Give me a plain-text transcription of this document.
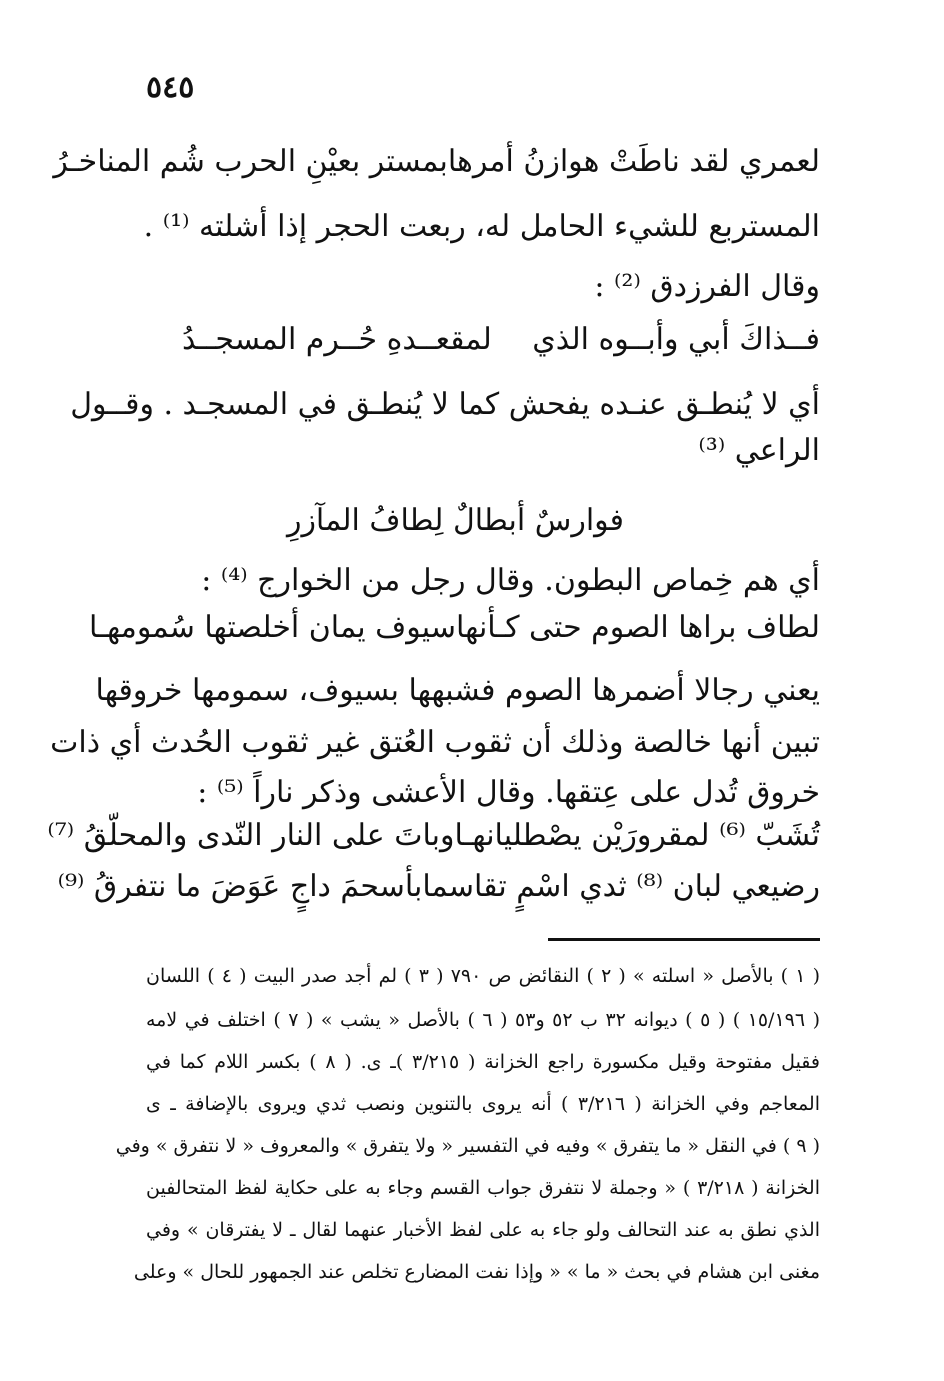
٥٤٥
لعمري لقد ناطَتْ هوازنُ أمرها
بمستر بعيْنِ الحرب شُم المناخـرُ
المستربع للشيء الحامل له، ربعت الحجر إذا أشلته ⁽¹⁾ .
وقال الفرزدق ⁽²⁾ :
فــذاكَ أبي وأبــوه الذي
لمقعــدهِ حُــرم المسجــدُ
أي لا يُنطـق عنـده يفحش كما لا يُنطـق في المسجـد . وقــول
الراعي ⁽³⁾
فوارسٌ أبطالٌ لِطافُ المآزرِ
أي هم خِماص البطون. وقال رجل من الخوارج ⁽⁴⁾ :
لطاف براها الصوم حتى كـأنها
سيوف يمان أخلصتها سُمومهـا
يعني رجالا أضمرها الصوم فشبهها بسيوف، سمومها خروقها
تبين أنها خالصة وذلك أن ثقوب العُتق غير ثقوب الحُدث أي ذات
خروق تُدل على عِتقها. وقال الأعشى وذكر ناراً ⁽⁵⁾ :
تُشَبّ ⁽⁶⁾ لمقرورَيْن يصْطليانهـا
وباتَ على النار النّدى والمحلّقُ ⁽⁷⁾
رضيعي لبان ⁽⁸⁾ ثدي اسْمٍ تقاسما
بأسحمَ داجٍ عَوَضَ ما نتفرقُ ⁽⁹⁾
( ١ ) بالأصل « اسلته » ( ٢ ) النقائض ص ٧٩٠ ( ٣ ) لم أجد صدر البيت ( ٤ ) اللسان
( ١٥/١٩٦ ) ( ٥ ) ديوانه ٣٢ ب ٥٢ و٥٣ ( ٦ ) بالأصل « يشب » ( ٧ ) اختلف في لامه
فقيل مفتوحة وقيل مكسورة راجع الخزانة ( ٣/٢١٥ )ـ ى. ( ٨ ) بكسر اللام كما في
المعاجم وفي الخزانة ( ٣/٢١٦ ) أنه يروى بالتنوين ونصب ثدي ويروى بالإضافة ـ ى
( ٩ ) في النقل « ما يتفرق » وفيه في التفسير « ولا يتفرق » والمعروف « لا نتفرق » وفي
الخزانة ( ٣/٢١٨ ) « وجملة لا نتفرق جواب القسم وجاء به على حكاية لفظ المتحالفين
الذي نطق به عند التحالف ولو جاء به على لفظ الأخبار عنهما لقال ـ لا يفترقان » وفي
مغنى ابن هشام في بحث « ما » « وإذا نفت المضارع تخلص عند الجمهور للحال » وعلى
